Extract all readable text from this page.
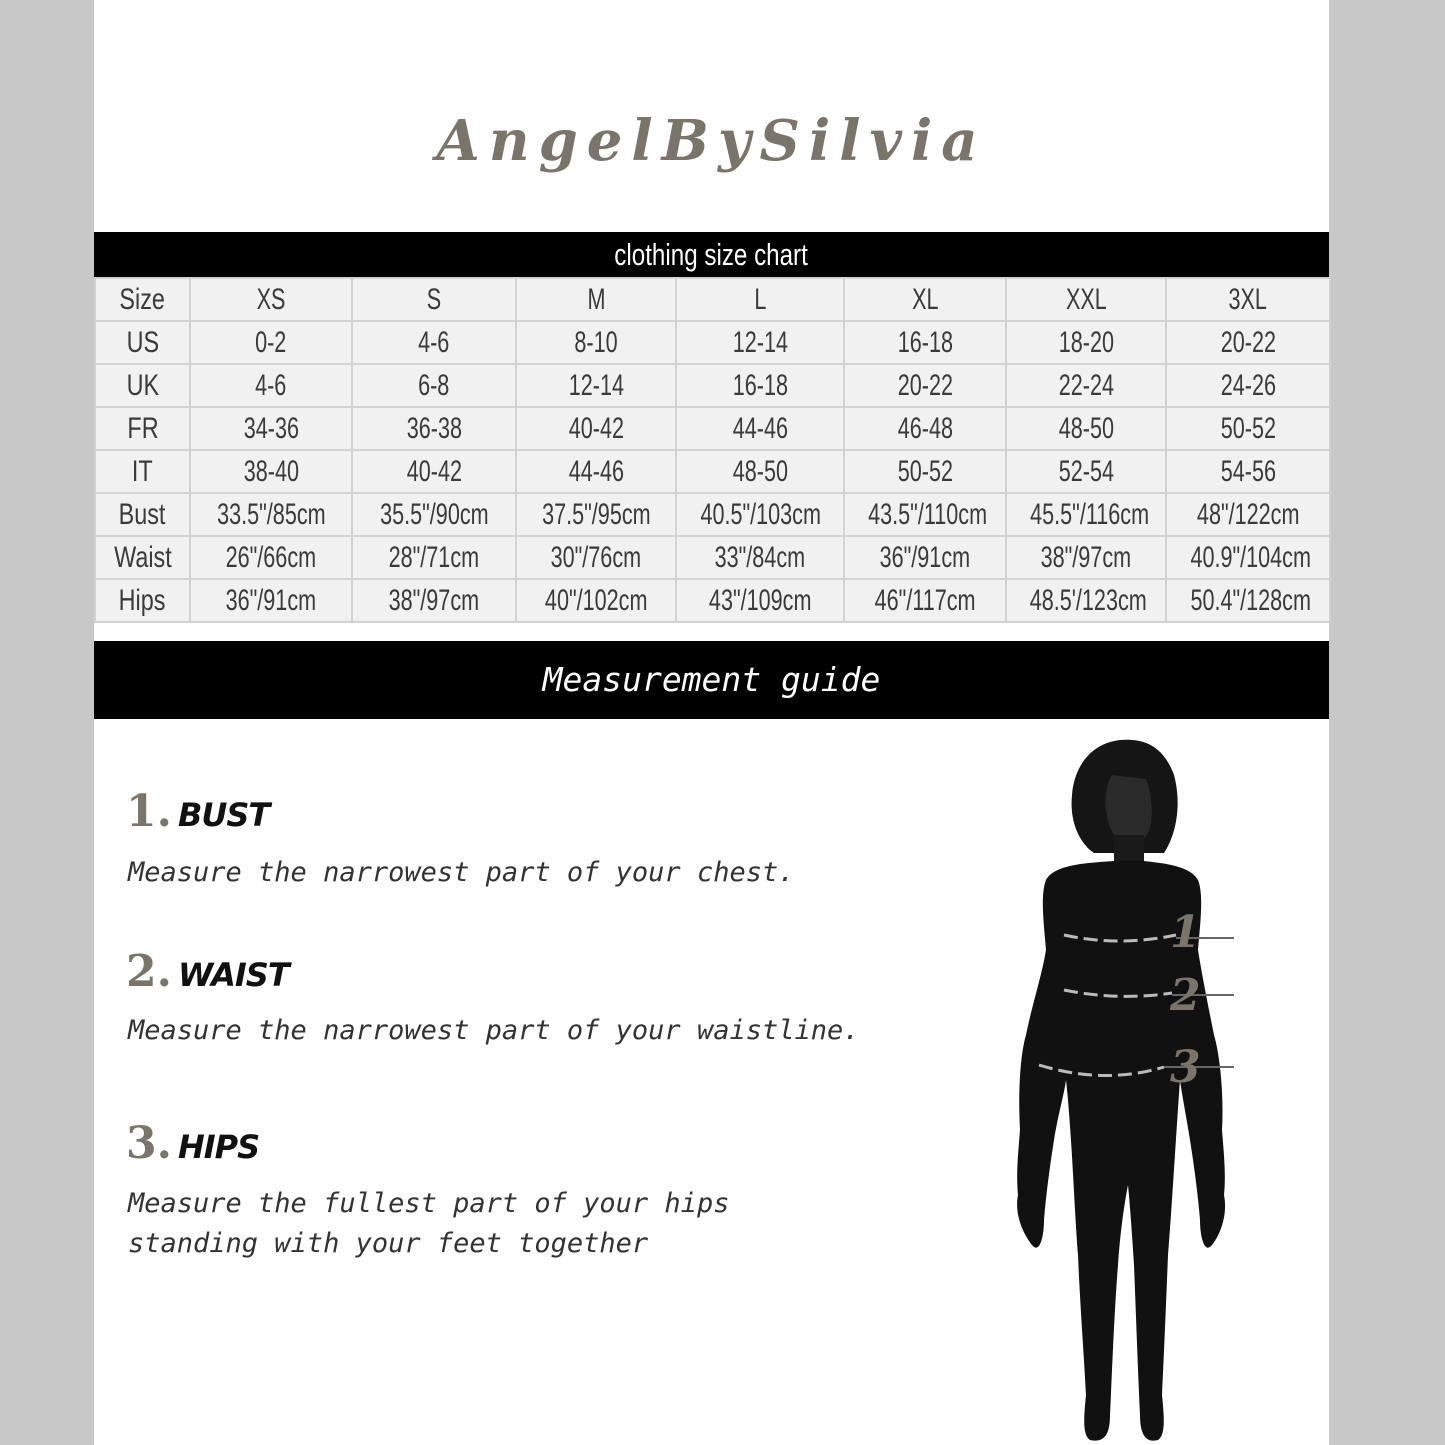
AngelBySilvia
clothing size chart
Size	XS	S	M	L	XL	XXL	3XL
US	0-2	4-6	8-10	12-14	16-18	18-20	20-22
UK	4-6	6-8	12-14	16-18	20-22	22-24	24-26
FR	34-36	36-38	40-42	44-46	46-48	48-50	50-52
IT	38-40	40-42	44-46	48-50	50-52	52-54	54-56
Bust	33.5"/85cm	35.5"/90cm	37.5"/95cm	40.5"/103cm	43.5"/110cm	45.5"/116cm	48"/122cm
Waist	26"/66cm	28"/71cm	30"/76cm	33"/84cm	36"/91cm	38"/97cm	40.9"/104cm
Hips	36"/91cm	38"/97cm	40"/102cm	43"/109cm	46"/117cm	48.5'/123cm	50.4"/128cm
Measurement guide
1. BUST
Measure the narrowest part of your chest.
2. WAIST
Measure the narrowest part of your waistline.
3. HIPS
Measure the fullest part of your hips
standing with your feet together
1
2
3
